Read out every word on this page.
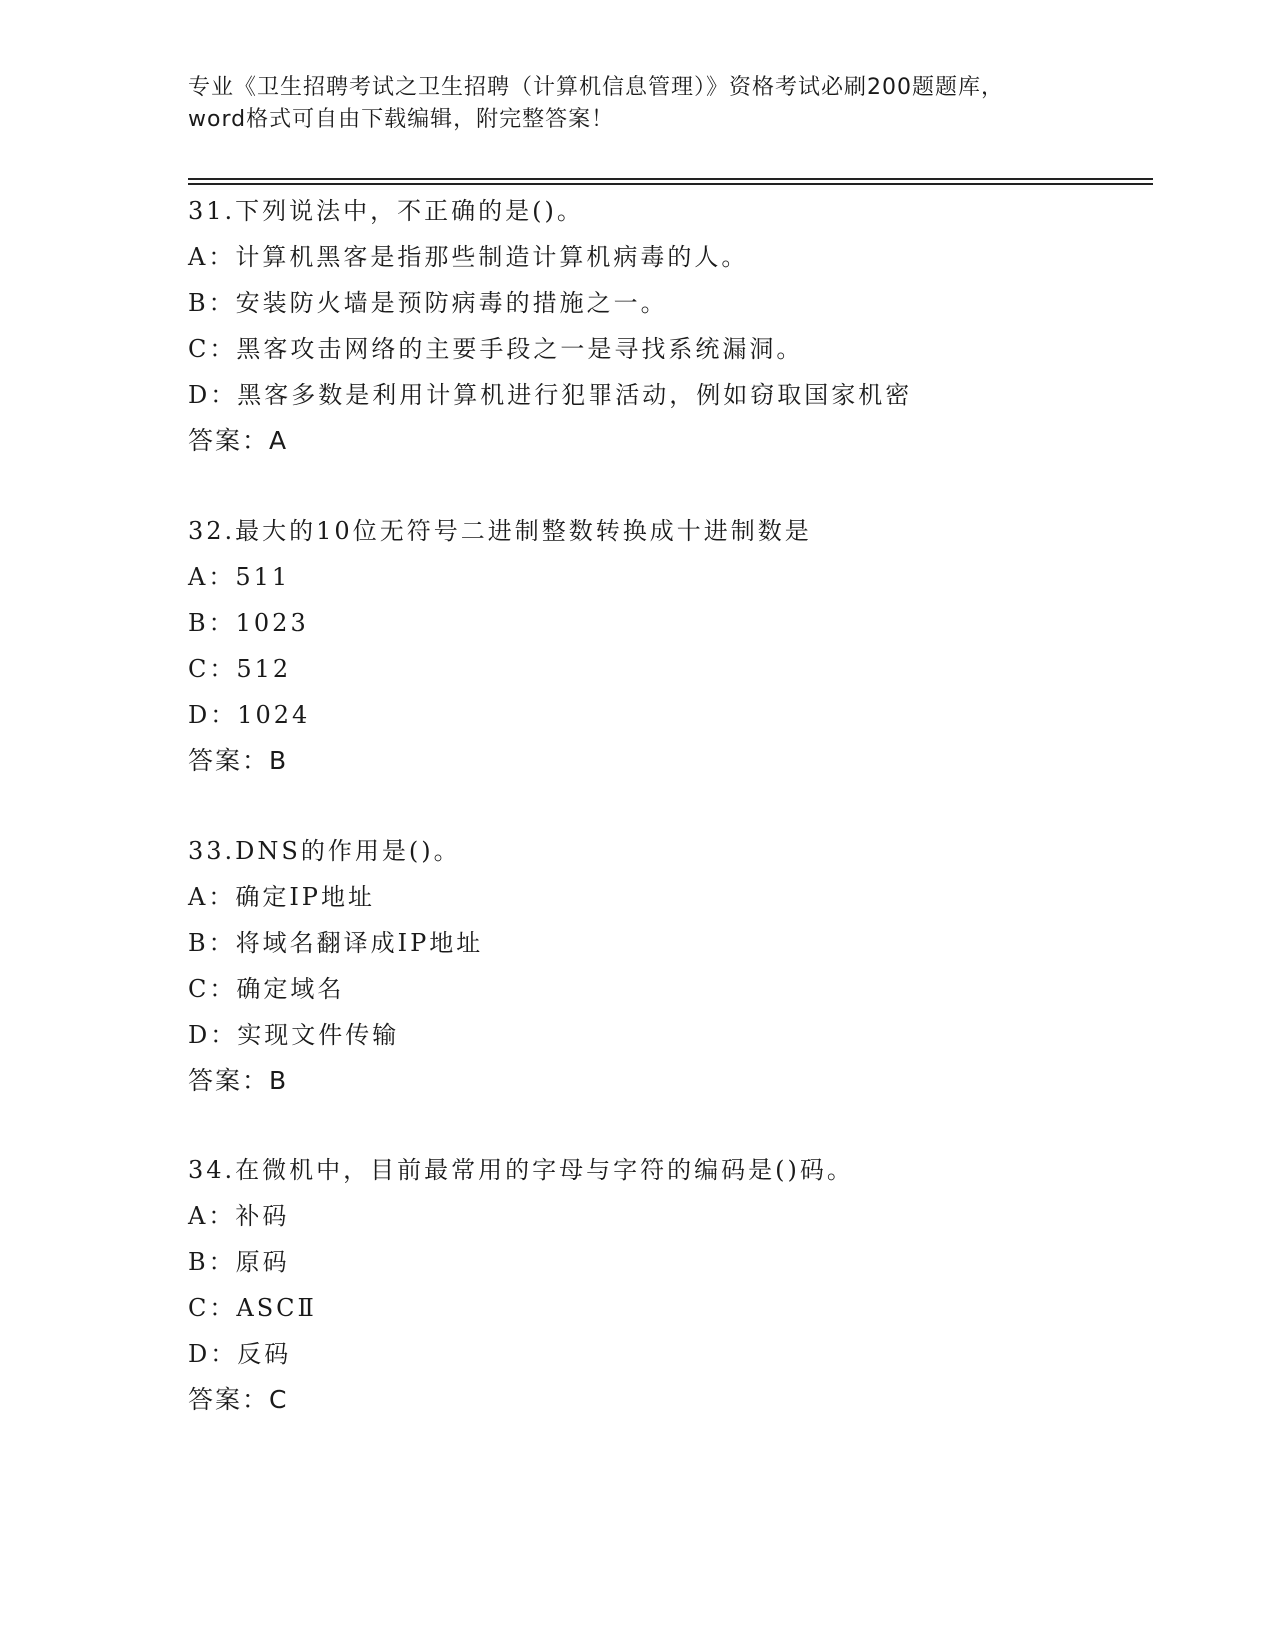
专业《卫生招聘考试之卫生招聘（计算机信息管理）》资格考试必刷200题题库，
word格式可自由下载编辑，附完整答案！
31.下列说法中，不正确的是()。
A：计算机黑客是指那些制造计算机病毒的人。
B：安装防火墙是预防病毒的措施之一。
C：黑客攻击网络的主要手段之一是寻找系统漏洞。
D：黑客多数是利用计算机进行犯罪活动，例如窃取国家机密
答案：A
32.最大的10位无符号二进制整数转换成十进制数是
A：511
B：1023
C：512
D：1024
答案：B
33.DNS的作用是()。
A：确定IP地址
B：将域名翻译成IP地址
C：确定域名
D：实现文件传输
答案：B
34.在微机中，目前最常用的字母与字符的编码是()码。
A：补码
B：原码
C：ASCⅡ
D：反码
答案：C
